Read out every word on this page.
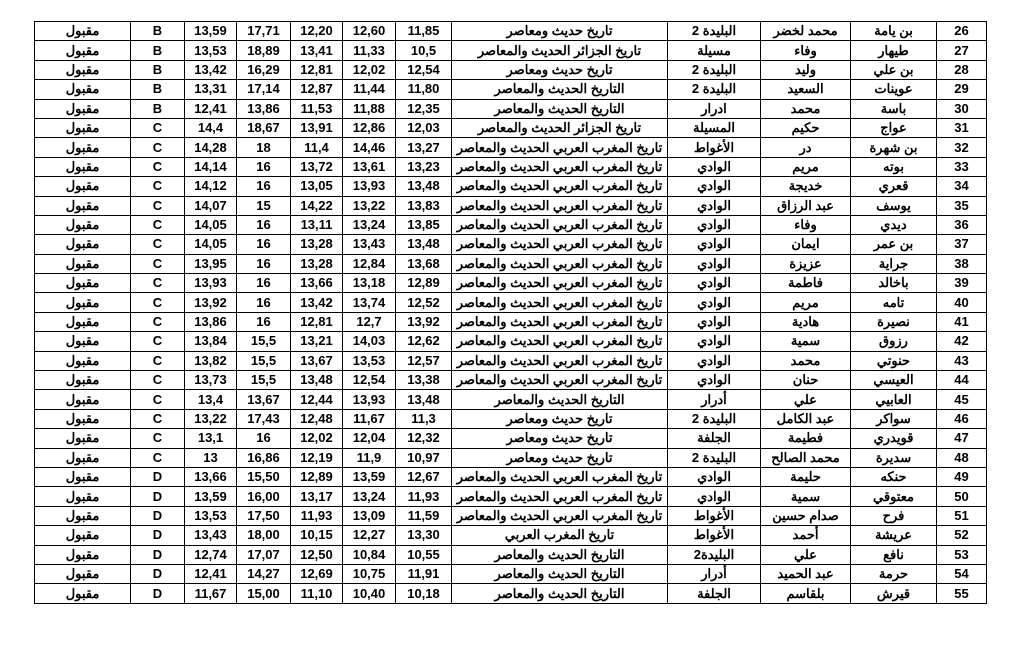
مقبول	B	13,59	17,71	12,20	12,60	11,85	تاريخ حديث ومعاصر	البليدة 2	محمد لخضر	بن يامة	26
مقبول	B	13,53	18,89	13,41	11,33	10,5	تاريخ الجزائر الحديث والمعاصر	مسيلة	وفاء	طيهار	27
مقبول	B	13,42	16,29	12,81	12,02	12,54	تاريخ حديث ومعاصر	البليدة 2	وليد	بن علي	28
مقبول	B	13,31	17,14	12,87	11,44	11,80	التاريخ الحديث والمعاصر	البليدة 2	السعيد	عوينات	29
مقبول	B	12,41	13,86	11,53	11,88	12,35	التاريخ الحديث والمعاصر	ادرار	محمد	باسة	30
مقبول	C	14,4	18,67	13,91	12,86	12,03	تاريخ الجزائر الحديث والمعاصر	المسيلة	حكيم	عواج	31
مقبول	C	14,28	18	11,4	14,46	13,27	تاريخ المغرب العربي الحديث والمعاصر	الأغواط	در	بن شهرة	32
مقبول	C	14,14	16	13,72	13,61	13,23	تاريخ المغرب العربي الحديث والمعاصر	الوادي	مريم	بوته	33
مقبول	C	14,12	16	13,05	13,93	13,48	تاريخ المغرب العربي الحديث والمعاصر	الوادي	خديجة	قعري	34
مقبول	C	14,07	15	14,22	13,22	13,83	تاريخ المغرب العربي الحديث والمعاصر	الوادي	عبد الرزاق	يوسف	35
مقبول	C	14,05	16	13,11	13,24	13,85	تاريخ المغرب العربي الحديث والمعاصر	الوادي	وفاء	ديدي	36
مقبول	C	14,05	16	13,28	13,43	13,48	تاريخ المغرب العربي الحديث والمعاصر	الوادي	ايمان	بن عمر	37
مقبول	C	13,95	16	13,28	12,84	13,68	تاريخ المغرب العربي الحديث والمعاصر	الوادي	عزيزة	جراية	38
مقبول	C	13,93	16	13,66	13,18	12,89	تاريخ المغرب العربي الحديث والمعاصر	الوادي	فاطمة	باخالد	39
مقبول	C	13,92	16	13,42	13,74	12,52	تاريخ المغرب العربي الحديث والمعاصر	الوادي	مريم	تامه	40
مقبول	C	13,86	16	12,81	12,7	13,92	تاريخ المغرب العربي الحديث والمعاصر	الوادي	هادية	نصيرة	41
مقبول	C	13,84	15,5	13,21	14,03	12,62	تاريخ المغرب العربي الحديث والمعاصر	الوادي	سمية	رزوق	42
مقبول	C	13,82	15,5	13,67	13,53	12,57	تاريخ المغرب العربي الحديث والمعاصر	الوادي	محمد	حنوتي	43
مقبول	C	13,73	15,5	13,48	12,54	13,38	تاريخ المغرب العربي الحديث والمعاصر	الوادي	حنان	العيسي	44
مقبول	C	13,4	13,67	12,44	13,93	13,48	التاريخ الحديث والمعاصر	أدرار	علي	العابيي	45
مقبول	C	13,22	17,43	12,48	11,67	11,3	تاريخ حديث ومعاصر	البليدة 2	عبد الكامل	سواكر	46
مقبول	C	13,1	16	12,02	12,04	12,32	تاريخ حديث ومعاصر	الجلفة	فطيمة	قويدري	47
مقبول	C	13	16,86	12,19	11,9	10,97	تاريخ حديث ومعاصر	البليدة 2	محمد الصالح	سديرة	48
مقبول	D	13,66	15,50	12,89	13,59	12,67	تاريخ المغرب العربي الحديث والمعاصر	الوادي	حليمة	حنكه	49
مقبول	D	13,59	16,00	13,17	13,24	11,93	تاريخ المغرب العربي الحديث والمعاصر	الوادي	سمية	معتوقي	50
مقبول	D	13,53	17,50	11,93	13,09	11,59	تاريخ المغرب العربي الحديث والمعاصر	الأغواط	صدام حسين	فرح	51
مقبول	D	13,43	18,00	10,15	12,27	13,30	تاريخ المغرب العربي	الأغواط	أحمد	عريشة	52
مقبول	D	12,74	17,07	12,50	10,84	10,55	التاريخ الحديث والمعاصر	البليدة2	علي	نافع	53
مقبول	D	12,41	14,27	12,69	10,75	11,91	التاريخ الحديث والمعاصر	أدرار	عبد الحميد	حرمة	54
مقبول	D	11,67	15,00	11,10	10,40	10,18	التاريخ الحديث والمعاصر	الجلفة	بلقاسم	قيرش	55
